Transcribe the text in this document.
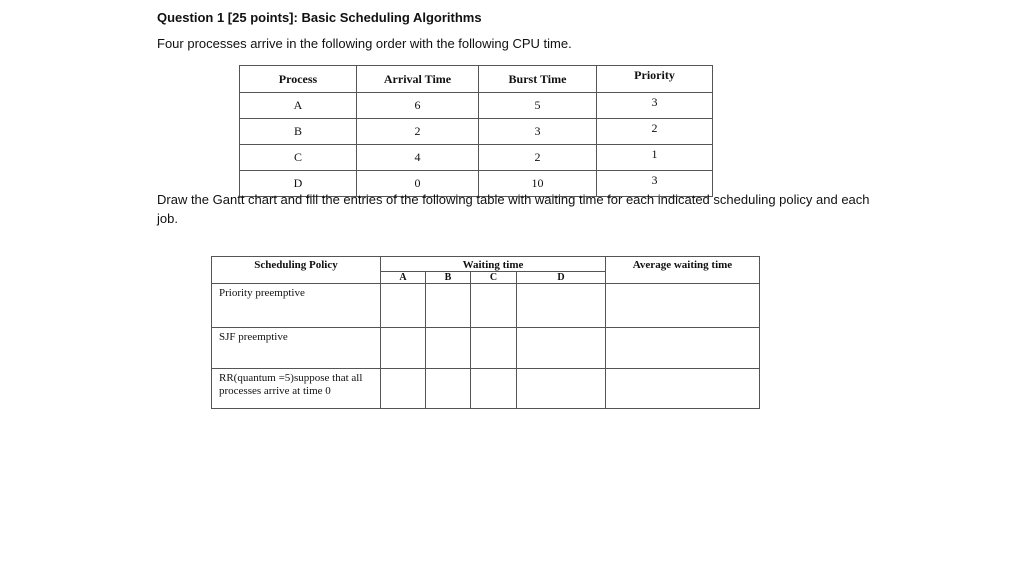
Question 1 [25 points]: Basic Scheduling Algorithms

Four processes arrive in the following order with the following CPU time.

Process	Arrival Time	Burst Time	Priority
A	6	5	3
B	2	3	2
C	4	2	1
D	0	10	3

Draw the Gantt chart and fill the entries of the following table with waiting time for each indicated scheduling policy and each job.

Scheduling Policy	Waiting time				Average waiting time
	A	B	C	D	
Priority preemptive					
SJF preemptive					
RR(quantum =5)suppose that all processes arrive at time 0					
